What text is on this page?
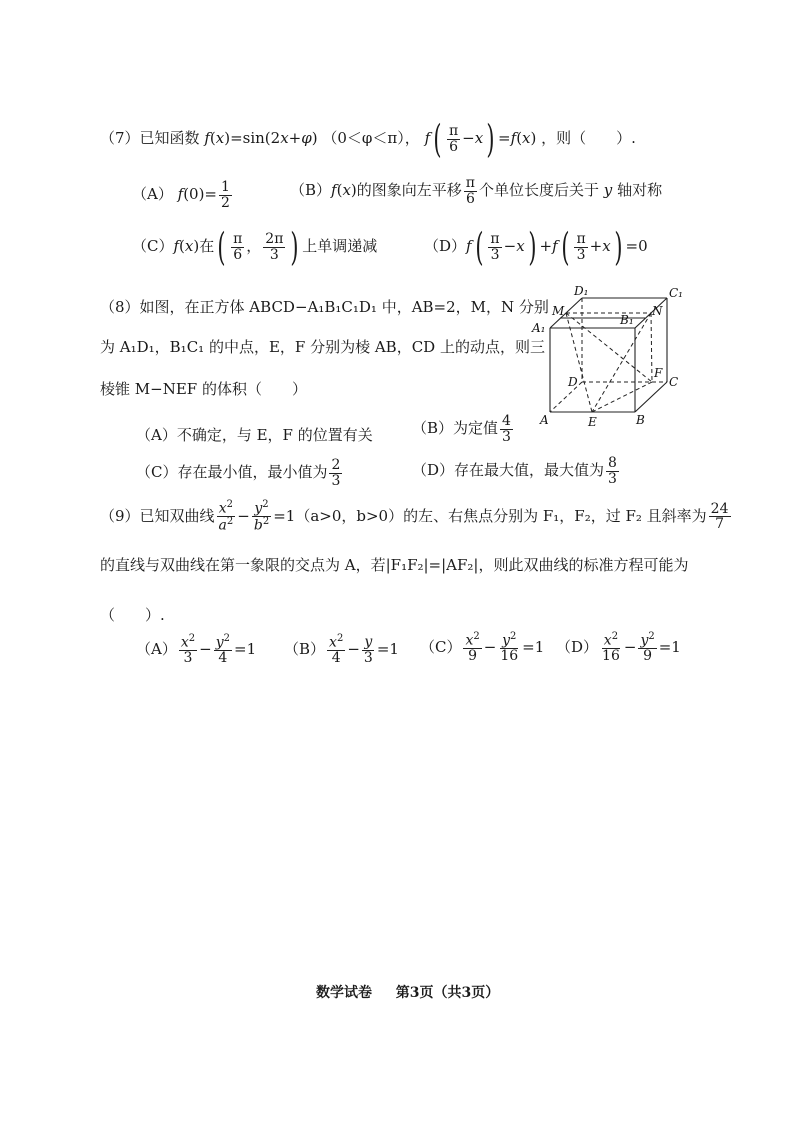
（7）已知函数 f(x)=sin(2x+φ) （0＜φ＜π）， $f( \frac{\pi}{6} -x) =f(x)$ ，则（　　）.
（A） $f(0)= \frac{1}{2}$	（B）f(x)的图象向左平移 $\frac{\pi}{6}$ 个单位长度后关于 y 轴对称
（C）f(x)在( $\frac{\pi}{6}$ ， $\frac{2\pi}{3}$ ) 上单调递减	$(D)f( \frac{\pi}{3} -x) +f( \frac{\pi}{3} +x) =0$
（8）如图，在正方体 ABCD−A₁B₁C₁D₁ 中，AB=2，M，N 分别
为 A₁D₁，B₁C₁ 的中点，E，F 分别为棱 AB，CD 上的动点，则三
棱锥 M−NEF 的体积（　　）
（A）不确定，与 E，F 的位置有关	（B）为定值 $\frac{4}{3}$
（C）存在最小值，最小值为 $\frac{2}{3}$	（D）存在最大值，最大值为 $\frac{8}{3}$
D₁	C₁
M
B₁
N
A₁
D
F
C
A	E	B
（9）已知双曲线 $\frac{x^2}{a^2} - \frac{y^2}{b^2} =1(a>0$，b>0）的左、右焦点分别为 F₁，F₂，过 F₂ 且斜率为 $\frac{24}{7}$
的直线与双曲线在第一象限的交点为 A，若|F₁F₂|=|AF₂|，则此双曲线的标准方程可能为
（　　）.
$(A) \frac{x^2}{3} - \frac{y^2}{4} =1$ $(B) \frac{x^2}{4} - \frac{y}{3} =1$ $(C) \frac{x^2}{9} - \frac{y^2}{16} =1$ $(D) \frac{x^2}{16} - \frac{y^2}{9} =1$
数学试卷 第3页（共3页）
